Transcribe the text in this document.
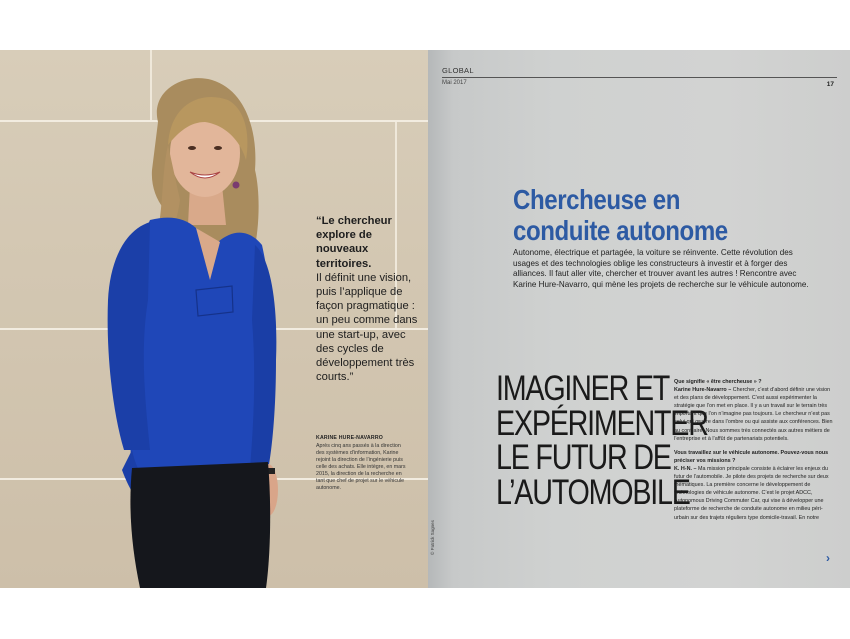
“Le chercheur explore de nouveaux territoires.
Il définit une vision, puis l’applique de façon pragmatique : un peu comme dans une start-up, avec des cycles de développement très courts.”
KARINE HURE-NAVARRO
Après cinq ans passés à la direction des systèmes d’information, Karine rejoint la direction de l’ingénierie puis celle des achats. Elle intègre, en mars 2015, la direction de la recherche en tant que chef de projet sur le véhicule autonome.
GLOBAL
Mai 2017	17
Chercheuse en
conduite autonome
Autonome, électrique et partagée, la voiture se réinvente. Cette révolution des usages et des technologies oblige les constructeurs à investir et à forger des alliances. Il faut aller vite, chercher et trouver avant les autres ! Rencontre avec Karine Hure-Navarro, qui mène les projets de recherche sur le véhicule autonome.
IMAGINER ET
EXPÉRIMENTER
LE FUTUR DE
L’AUTOMOBILE
© Patrick Sagnes

Que signifie « être chercheuse » ?
Karine Hure-Navarro – Chercher, c’est d’abord définir une vision et des plans de développement. C’est aussi expérimenter la stratégie que l’on met en place. Il y a un travail sur le terrain très important que l’on n’imagine pas toujours. Le chercheur n’est pas celui qui œuvre dans l’ombre ou qui assiste aux conférences. Bien au contraire. Nous sommes très connectés aux autres métiers de l’entreprise et à l’affût de partenariats potentiels.

Vous travaillez sur le véhicule autonome. Pouvez-vous nous préciser vos missions ?
K. H-N. – Ma mission principale consiste à éclairer les enjeux du futur de l’automobile. Je pilote des projets de recherche sur deux thématiques. La première concerne le développement de technologies de véhicule autonome. C’est le projet ADCC, Autonomous Driving Commuter Car, qui vise à développer une plateforme de recherche de conduite autonome en milieu péri-urbain sur des trajets réguliers type domicile-travail. En notre

›
